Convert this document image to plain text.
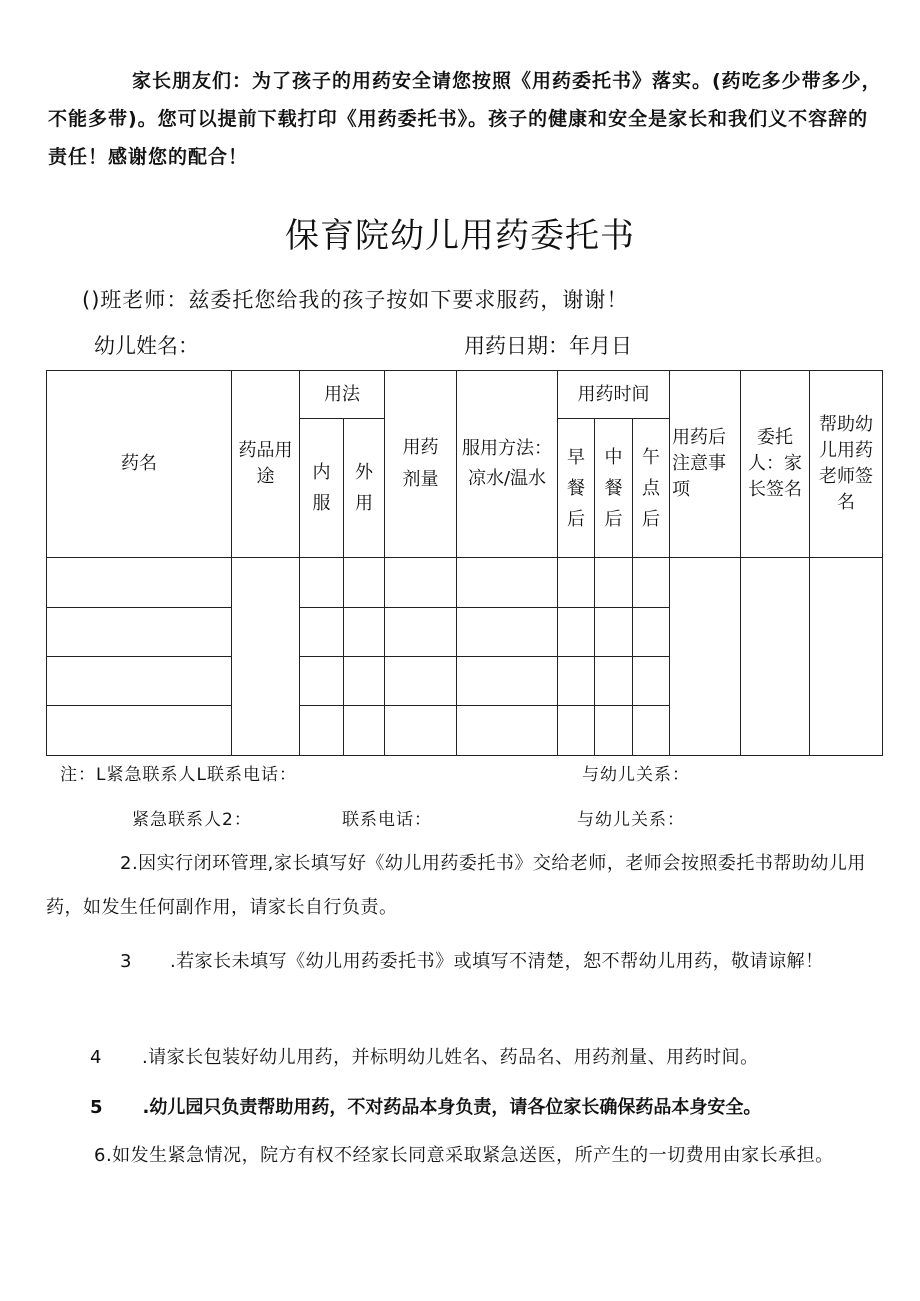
家长朋友们：为了孩子的用药安全请您按照《用药委托书》落实。(药吃多少带多少，不能多带)。您可以提前下载打印《用药委托书》。孩子的健康和安全是家长和我们义不容辞的责任！感谢您的配合！
保育院幼儿用药委托书
()班老师：兹委托您给我的孩子按如下要求服药，谢谢！
幼儿姓名：	用药日期：年月日
药名	药品用途	用法		用药剂量	服用方法：凉水/温水	用药时间			用药后注意事项	委托人：家长签名	帮助幼儿用药老师签名
		内服	外用			早餐后	中餐后	午点后			

注：L紧急联系人L联系电话：	与幼儿关系：
紧急联系人2：	联系电话：	与幼儿关系：
2.因实行闭环管理,家长填写好《幼儿用药委托书》交给老师，老师会按照委托书帮助幼儿用药，如发生任何副作用，请家长自行负责。
3 .若家长未填写《幼儿用药委托书》或填写不清楚，恕不帮幼儿用药，敬请谅解！
4 .请家长包装好幼儿用药，并标明幼儿姓名、药品名、用药剂量、用药时间。
5 .幼儿园只负责帮助用药，不对药品本身负责，请各位家长确保药品本身安全。
6.如发生紧急情况，院方有权不经家长同意采取紧急送医，所产生的一切费用由家长承担。
